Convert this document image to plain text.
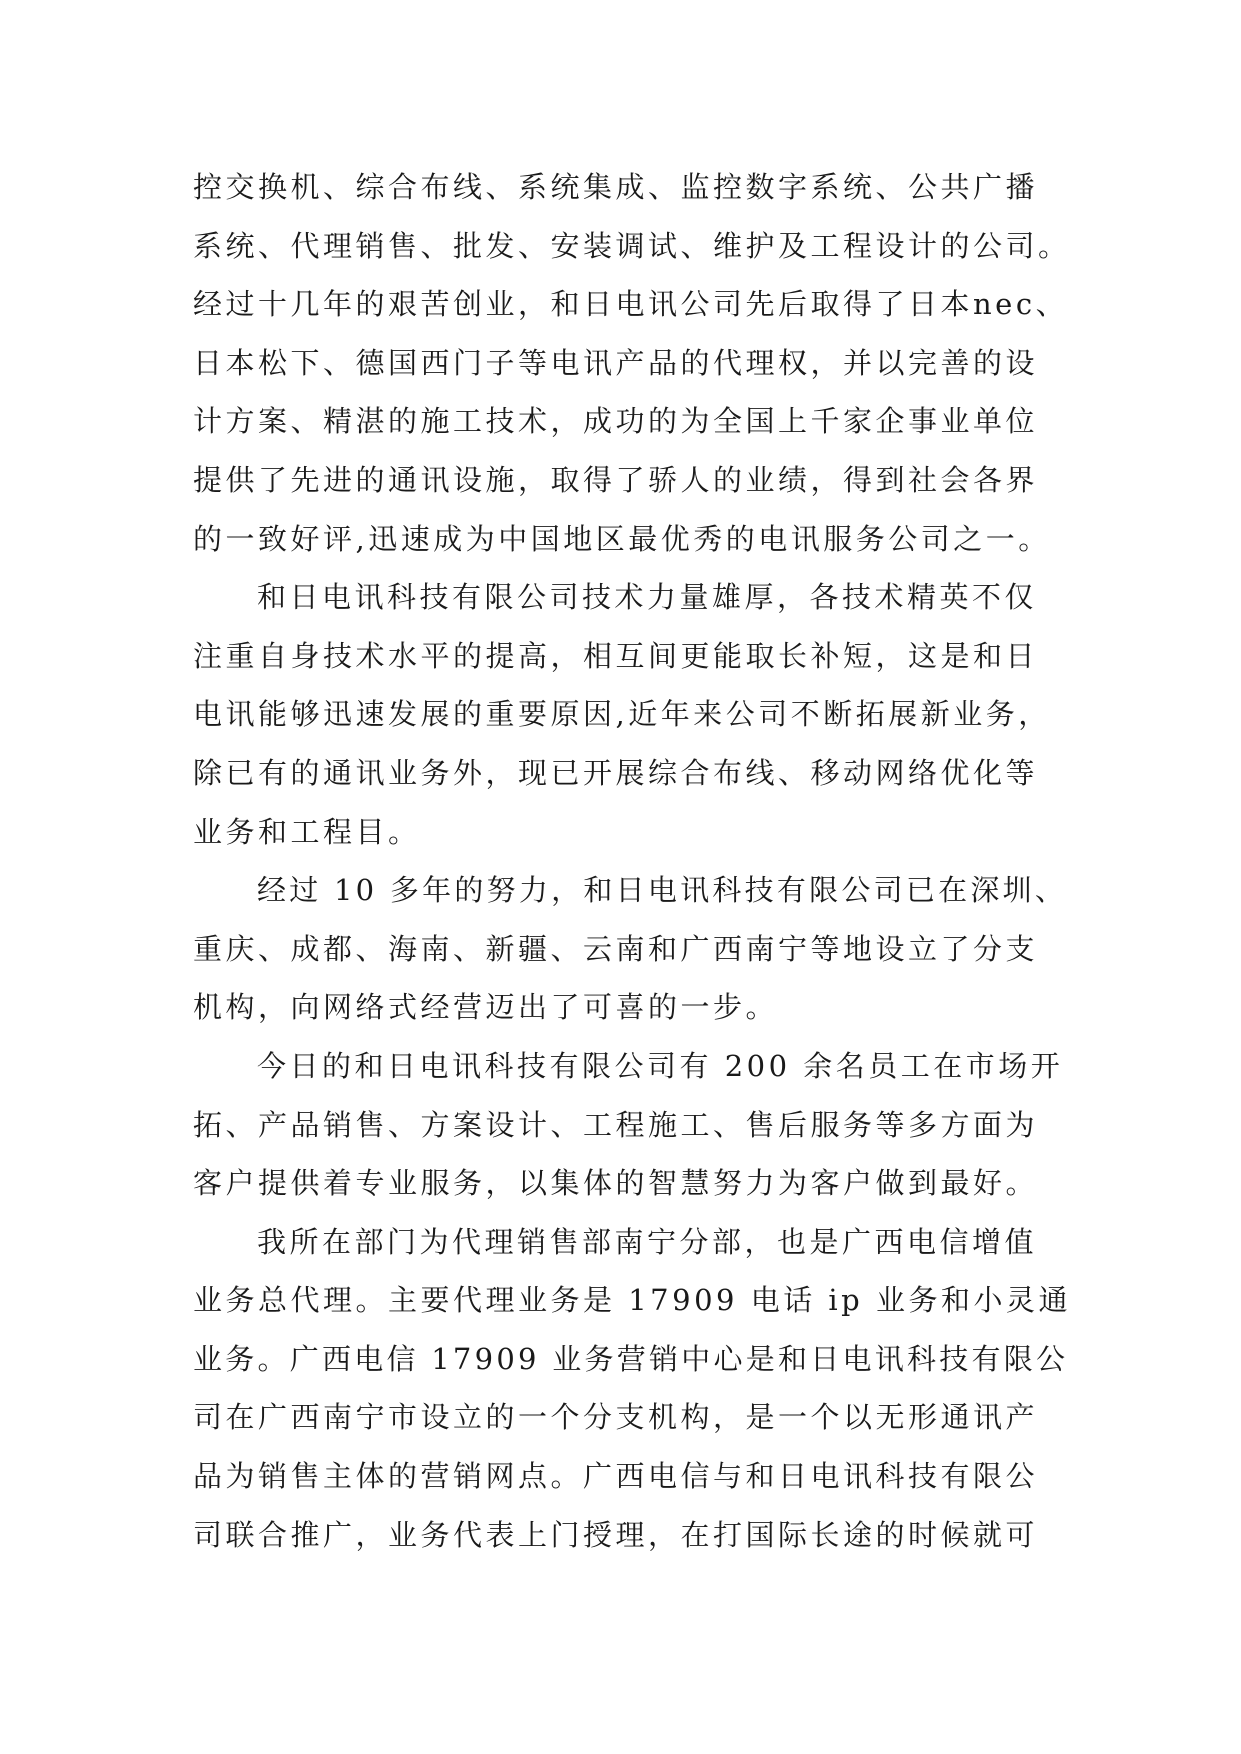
控交换机、综合布线、系统集成、监控数字系统、公共广播
系统、代理销售、批发、安装调试、维护及工程设计的公司。
经过十几年的艰苦创业，和日电讯公司先后取得了日本nec、
日本松下、德国西门子等电讯产品的代理权，并以完善的设
计方案、精湛的施工技术，成功的为全国上千家企事业单位
提供了先进的通讯设施，取得了骄人的业绩，得到社会各界
的一致好评,迅速成为中国地区最优秀的电讯服务公司之一。
和日电讯科技有限公司技术力量雄厚，各技术精英不仅
注重自身技术水平的提高，相互间更能取长补短，这是和日
电讯能够迅速发展的重要原因,近年来公司不断拓展新业务，
除已有的通讯业务外，现已开展综合布线、移动网络优化等
业务和工程目。
经过 10 多年的努力，和日电讯科技有限公司已在深圳、
重庆、成都、海南、新疆、云南和广西南宁等地设立了分支
机构，向网络式经营迈出了可喜的一步。
今日的和日电讯科技有限公司有 200 余名员工在市场开
拓、产品销售、方案设计、工程施工、售后服务等多方面为
客户提供着专业服务，以集体的智慧努力为客户做到最好。
我所在部门为代理销售部南宁分部，也是广西电信增值
业务总代理。主要代理业务是 17909 电话 ip 业务和小灵通
业务。广西电信 17909 业务营销中心是和日电讯科技有限公
司在广西南宁市设立的一个分支机构，是一个以无形通讯产
品为销售主体的营销网点。广西电信与和日电讯科技有限公
司联合推广，业务代表上门授理，在打国际长途的时候就可
